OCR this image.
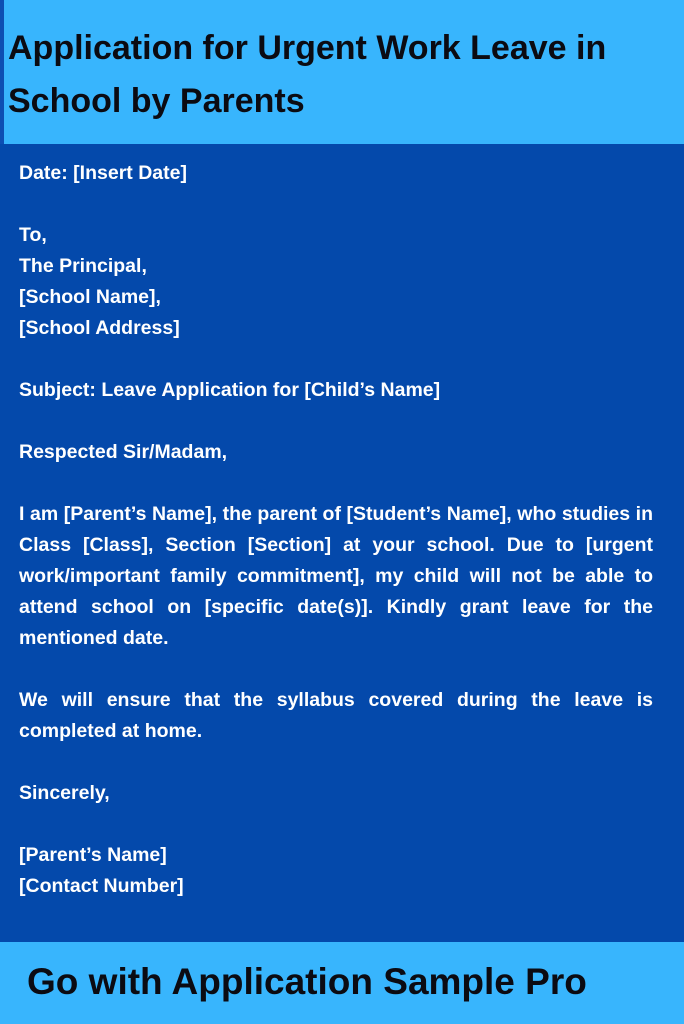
Application for Urgent Work Leave in School by Parents

Date: [Insert Date]

To,

The Principal,

[School Name],

[School Address]

Subject: Leave Application for [Child’s Name]

Respected Sir/Madam,

I am [Parent’s Name], the parent of [Student’s Name], who studies in Class [Class], Section [Section] at your school. Due to [urgent work/important family commitment], my child will not be able to attend school on [specific date(s)]. Kindly grant leave for the mentioned date.

We will ensure that the syllabus covered during the leave is completed at home.

Sincerely,

[Parent’s Name]

[Contact Number]

Go with Application Sample Pro
